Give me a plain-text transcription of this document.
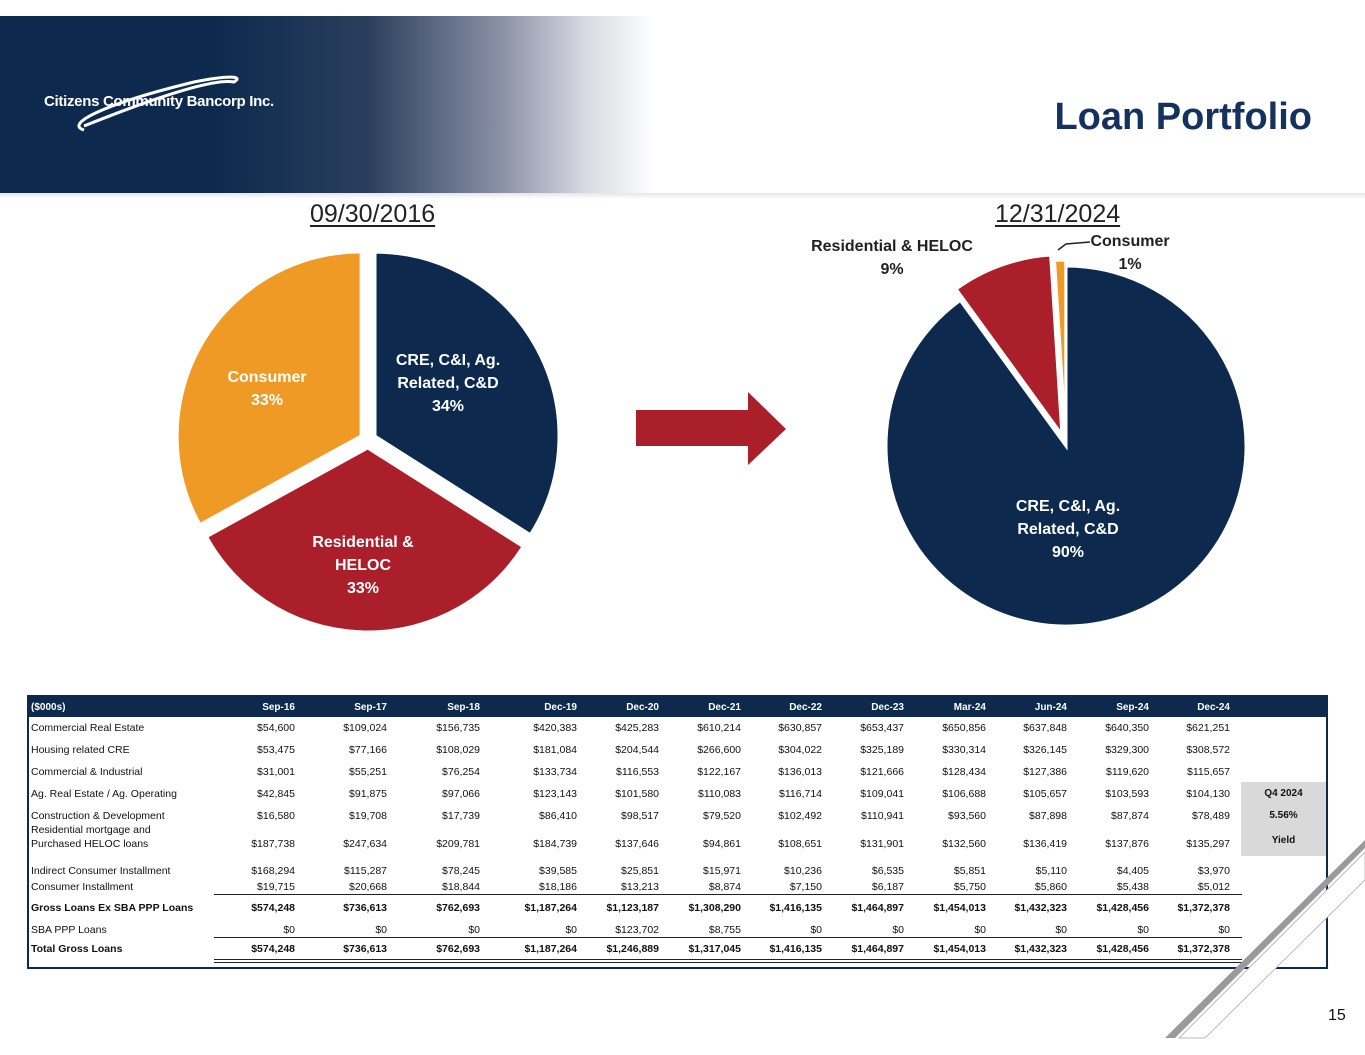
Citizens Community Bancorp Inc.	Loan Portfolio
09/30/2016	12/31/2024
CRE, C&I, Ag.
Related, C&D
34%
Residential &
HELOC
33%
Consumer
33%
CRE, C&I, Ag.
Related, C&D
90%
Residential & HELOC
9%
Consumer
1%
($000s)	Sep-16	Sep-17	Sep-18	Dec-19	Dec-20	Dec-21	Dec-22	Dec-23	Mar-24	Jun-24	Sep-24	Dec-24
Commercial Real Estate	$54,600	$109,024	$156,735	$420,383	$425,283	$610,214	$630,857	$653,437	$650,856	$637,848	$640,350	$621,251
Housing related CRE	$53,475	$77,166	$108,029	$181,084	$204,544	$266,600	$304,022	$325,189	$330,314	$326,145	$329,300	$308,572
Commercial & Industrial	$31,001	$55,251	$76,254	$133,734	$116,553	$122,167	$136,013	$121,666	$128,434	$127,386	$119,620	$115,657
Ag. Real Estate / Ag. Operating	$42,845	$91,875	$97,066	$123,143	$101,580	$110,083	$116,714	$109,041	$106,688	$105,657	$103,593	$104,130
Construction & Development	$16,580	$19,708	$17,739	$86,410	$98,517	$79,520	$102,492	$110,941	$93,560	$87,898	$87,874	$78,489
Residential mortgage and
Purchased HELOC loans	$187,738	$247,634	$209,781	$184,739	$137,646	$94,861	$108,651	$131,901	$132,560	$136,419	$137,876	$135,297
Indirect Consumer Installment	$168,294	$115,287	$78,245	$39,585	$25,851	$15,971	$10,236	$6,535	$5,851	$5,110	$4,405	$3,970
Consumer Installment	$19,715	$20,668	$18,844	$18,186	$13,213	$8,874	$7,150	$6,187	$5,750	$5,860	$5,438	$5,012
Gross Loans Ex SBA PPP Loans	$574,248	$736,613	$762,693	$1,187,264	$1,123,187	$1,308,290	$1,416,135	$1,464,897	$1,454,013	$1,432,323	$1,428,456	$1,372,378
SBA PPP Loans	$0	$0	$0	$0	$123,702	$8,755	$0	$0	$0	$0	$0	$0
Total Gross Loans	$574,248	$736,613	$762,693	$1,187,264	$1,246,889	$1,317,045	$1,416,135	$1,464,897	$1,454,013	$1,432,323	$1,428,456	$1,372,378
Q4 2024
5.56%
Yield
15
